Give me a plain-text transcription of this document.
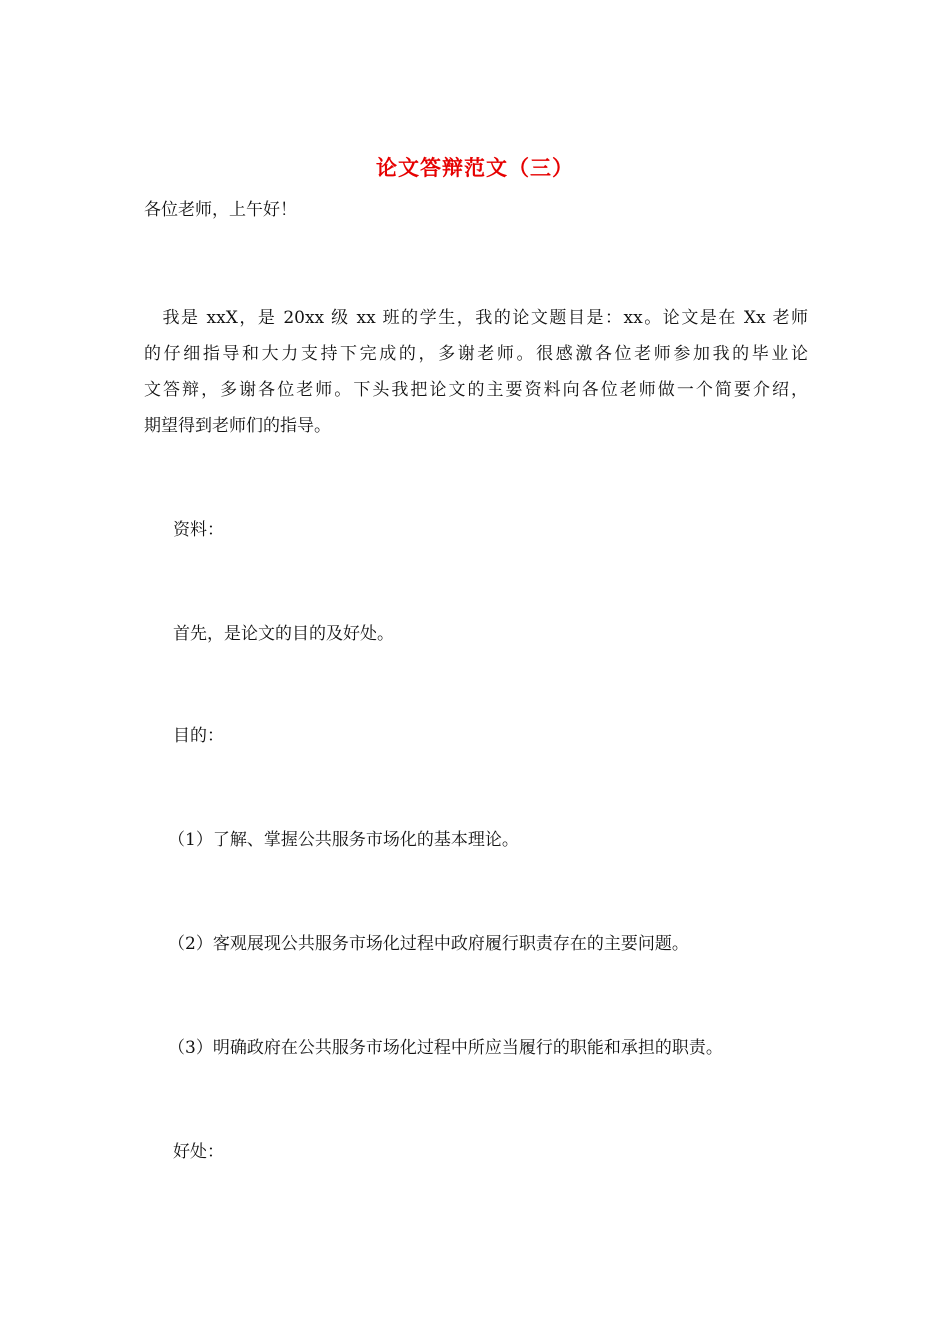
论文答辩范文（三）
各位老师，上午好！
　我是 xxX，是 20xx 级 xx 班的学生，我的论文题目是：xx。论文是在 Xx 老师
的仔细指导和大力支持下完成的，多谢老师。很感激各位老师参加我的毕业论
文答辩，多谢各位老师。下头我把论文的主要资料向各位老师做一个简要介绍，
期望得到老师们的指导。
资料：
首先，是论文的目的及好处。
目的：
（1）了解、掌握公共服务市场化的基本理论。
（2）客观展现公共服务市场化过程中政府履行职责存在的主要问题。
（3）明确政府在公共服务市场化过程中所应当履行的职能和承担的职责。
好处：
